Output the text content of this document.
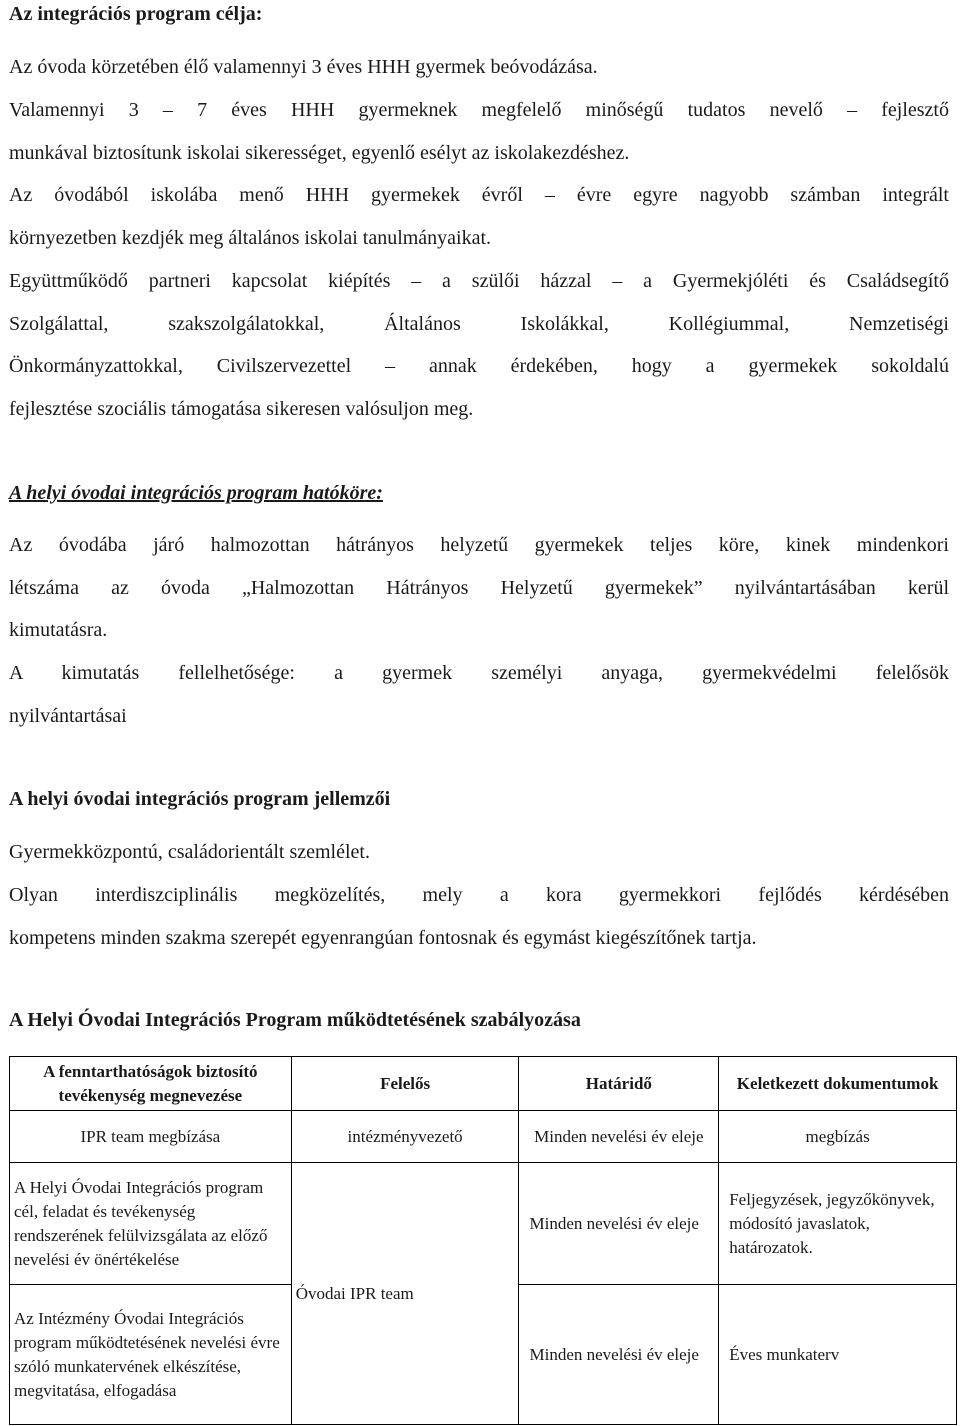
Az integrációs program célja:
Az óvoda körzetében élő valamennyi 3 éves HHH gyermek beóvodázása.
Valamennyi 3 – 7 éves HHH gyermeknek megfelelő minőségű tudatos nevelő – fejlesztő
munkával biztosítunk iskolai sikerességet, egyenlő esélyt az iskolakezdéshez.
Az óvodából iskolába menő HHH gyermekek évről – évre egyre nagyobb számban integrált
környezetben kezdjék meg általános iskolai tanulmányaikat.
Együttműködő partneri kapcsolat kiépítés – a szülői házzal – a Gyermekjóléti és Családsegítő
Szolgálattal, szakszolgálatokkal, Általános Iskolákkal, Kollégiummal, Nemzetiségi
Önkormányzattokkal, Civilszervezettel – annak érdekében, hogy a gyermekek sokoldalú
fejlesztése szociális támogatása sikeresen valósuljon meg.
A helyi óvodai integrációs program hatóköre:
Az óvodába járó halmozottan hátrányos helyzetű gyermekek teljes köre, kinek mindenkori
létszáma az óvoda „Halmozottan Hátrányos Helyzetű gyermekek” nyilvántartásában kerül
kimutatásra.
A kimutatás fellelhetősége: a gyermek személyi anyaga, gyermekvédelmi felelősök
nyilvántartásai
A helyi óvodai integrációs program jellemzői
Gyermekközpontú, családorientált szemlélet.
Olyan interdiszciplinális megközelítés, mely a kora gyermekkori fejlődés kérdésében
kompetens minden szakma szerepét egyenrangúan fontosnak és egymást kiegészítőnek tartja.
A Helyi Óvodai Integrációs Program működtetésének szabályozása
A fenntarthatóságok biztosító tevékenység megnevezése	Felelős	Határidő	Keletkezett dokumentumok
IPR team megbízása	intézményvezető	Minden nevelési év eleje	megbízás
A Helyi Óvodai Integrációs program cél, feladat és tevékenység rendszerének felülvizsgálata az előző nevelési év önértékelése	Óvodai IPR team	Minden nevelési év eleje	Feljegyzések, jegyzőkönyvek, módosító javaslatok, határozatok.
Az Intézmény Óvodai Integrációs program működtetésének nevelési évre szóló munkatervének elkészítése, megvitatása, elfogadása		Minden nevelési év eleje	Éves munkaterv
